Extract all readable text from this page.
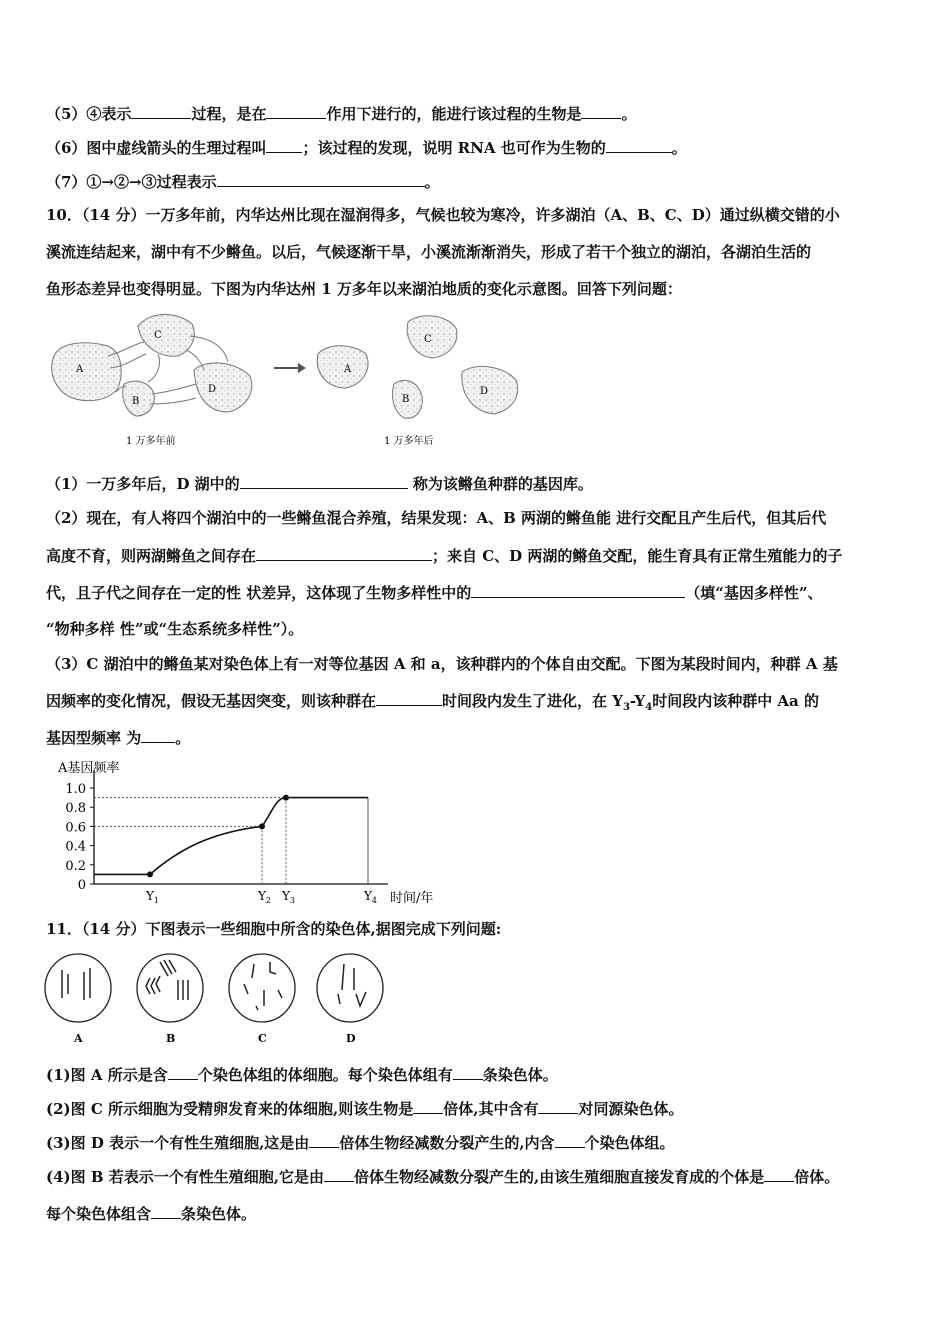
（5）④表示	过程，是在	作用下进行的，能进行该过程的生物是	。
（6）图中虚线箭头的生理过程叫 ；该过程的发现，说明 RNA 也可作为生物的	。
（7）①→②→③过程表示	。
10．（14 分）一万多年前，内华达州比现在湿润得多，气候也较为寒冷，许多湖泊（A、B、C、D）通过纵横交错的小
溪流连结起来，湖中有不少鳉鱼。以后，气候逐渐干旱，小溪流渐渐消失，形成了若干个独立的湖泊，各湖泊生活的
鱼形态差异也变得明显。下图为内华达州 1 万多年以来湖泊地质的变化示意图。回答下列问题：
A
B
C
D
1 万多年前
A
B
C
D
1 万多年后
（1）一万多年后，D 湖中的	称为该鳉鱼种群的基因库。
（2）现在，有人将四个湖泊中的一些鳉鱼混合养殖，结果发现：A、B 两湖的鳉鱼能 进行交配且产生后代，但其后代
高度不育，则两湖鳉鱼之间存在	；来自 C、D 两湖的鳉鱼交配，能生育具有正常生殖能力的子
代，且子代之间存在一定的性 状差异，这体现了生物多样性中的	（填“基因多样性”、
“物种多样 性”或“生态系统多样性”）。
（3）C 湖泊中的鳉鱼某对染色体上有一对等位基因 A 和 a，该种群内的个体自由交配。下图为某段时间内，种群 A 基
因频率的变化情况，假设无基因突变，则该种群在	时间段内发生了进化，在 $Y_3-Y_4$时间段内该种群中 Aa 的
基因型频率 为 。
A基因频率
时间/年
1.0
0.8
0.6
0.4
0.2
0
$Y_1$	$Y_2$ $Y_3$	$Y_4$
11．（14 分）下图表示一些细胞中所含的染色体,据图完成下列问题:
A	B	C	D
(1)图 A 所示是含 个染色体组的体细胞。每个染色体组有 条染色体。
(2)图 C 所示细胞为受精卵发育来的体细胞,则该生物是 倍体,其中含有	对同源染色体。
(3)图 D 表示一个有性生殖细胞,这是由 倍体生物经减数分裂产生的,内含 个染色体组。
(4)图 B 若表示一个有性生殖细胞,它是由 倍体生物经减数分裂产生的,由该生殖细胞直接发育成的个体是 倍体。
每个染色体组含 条染色体。
